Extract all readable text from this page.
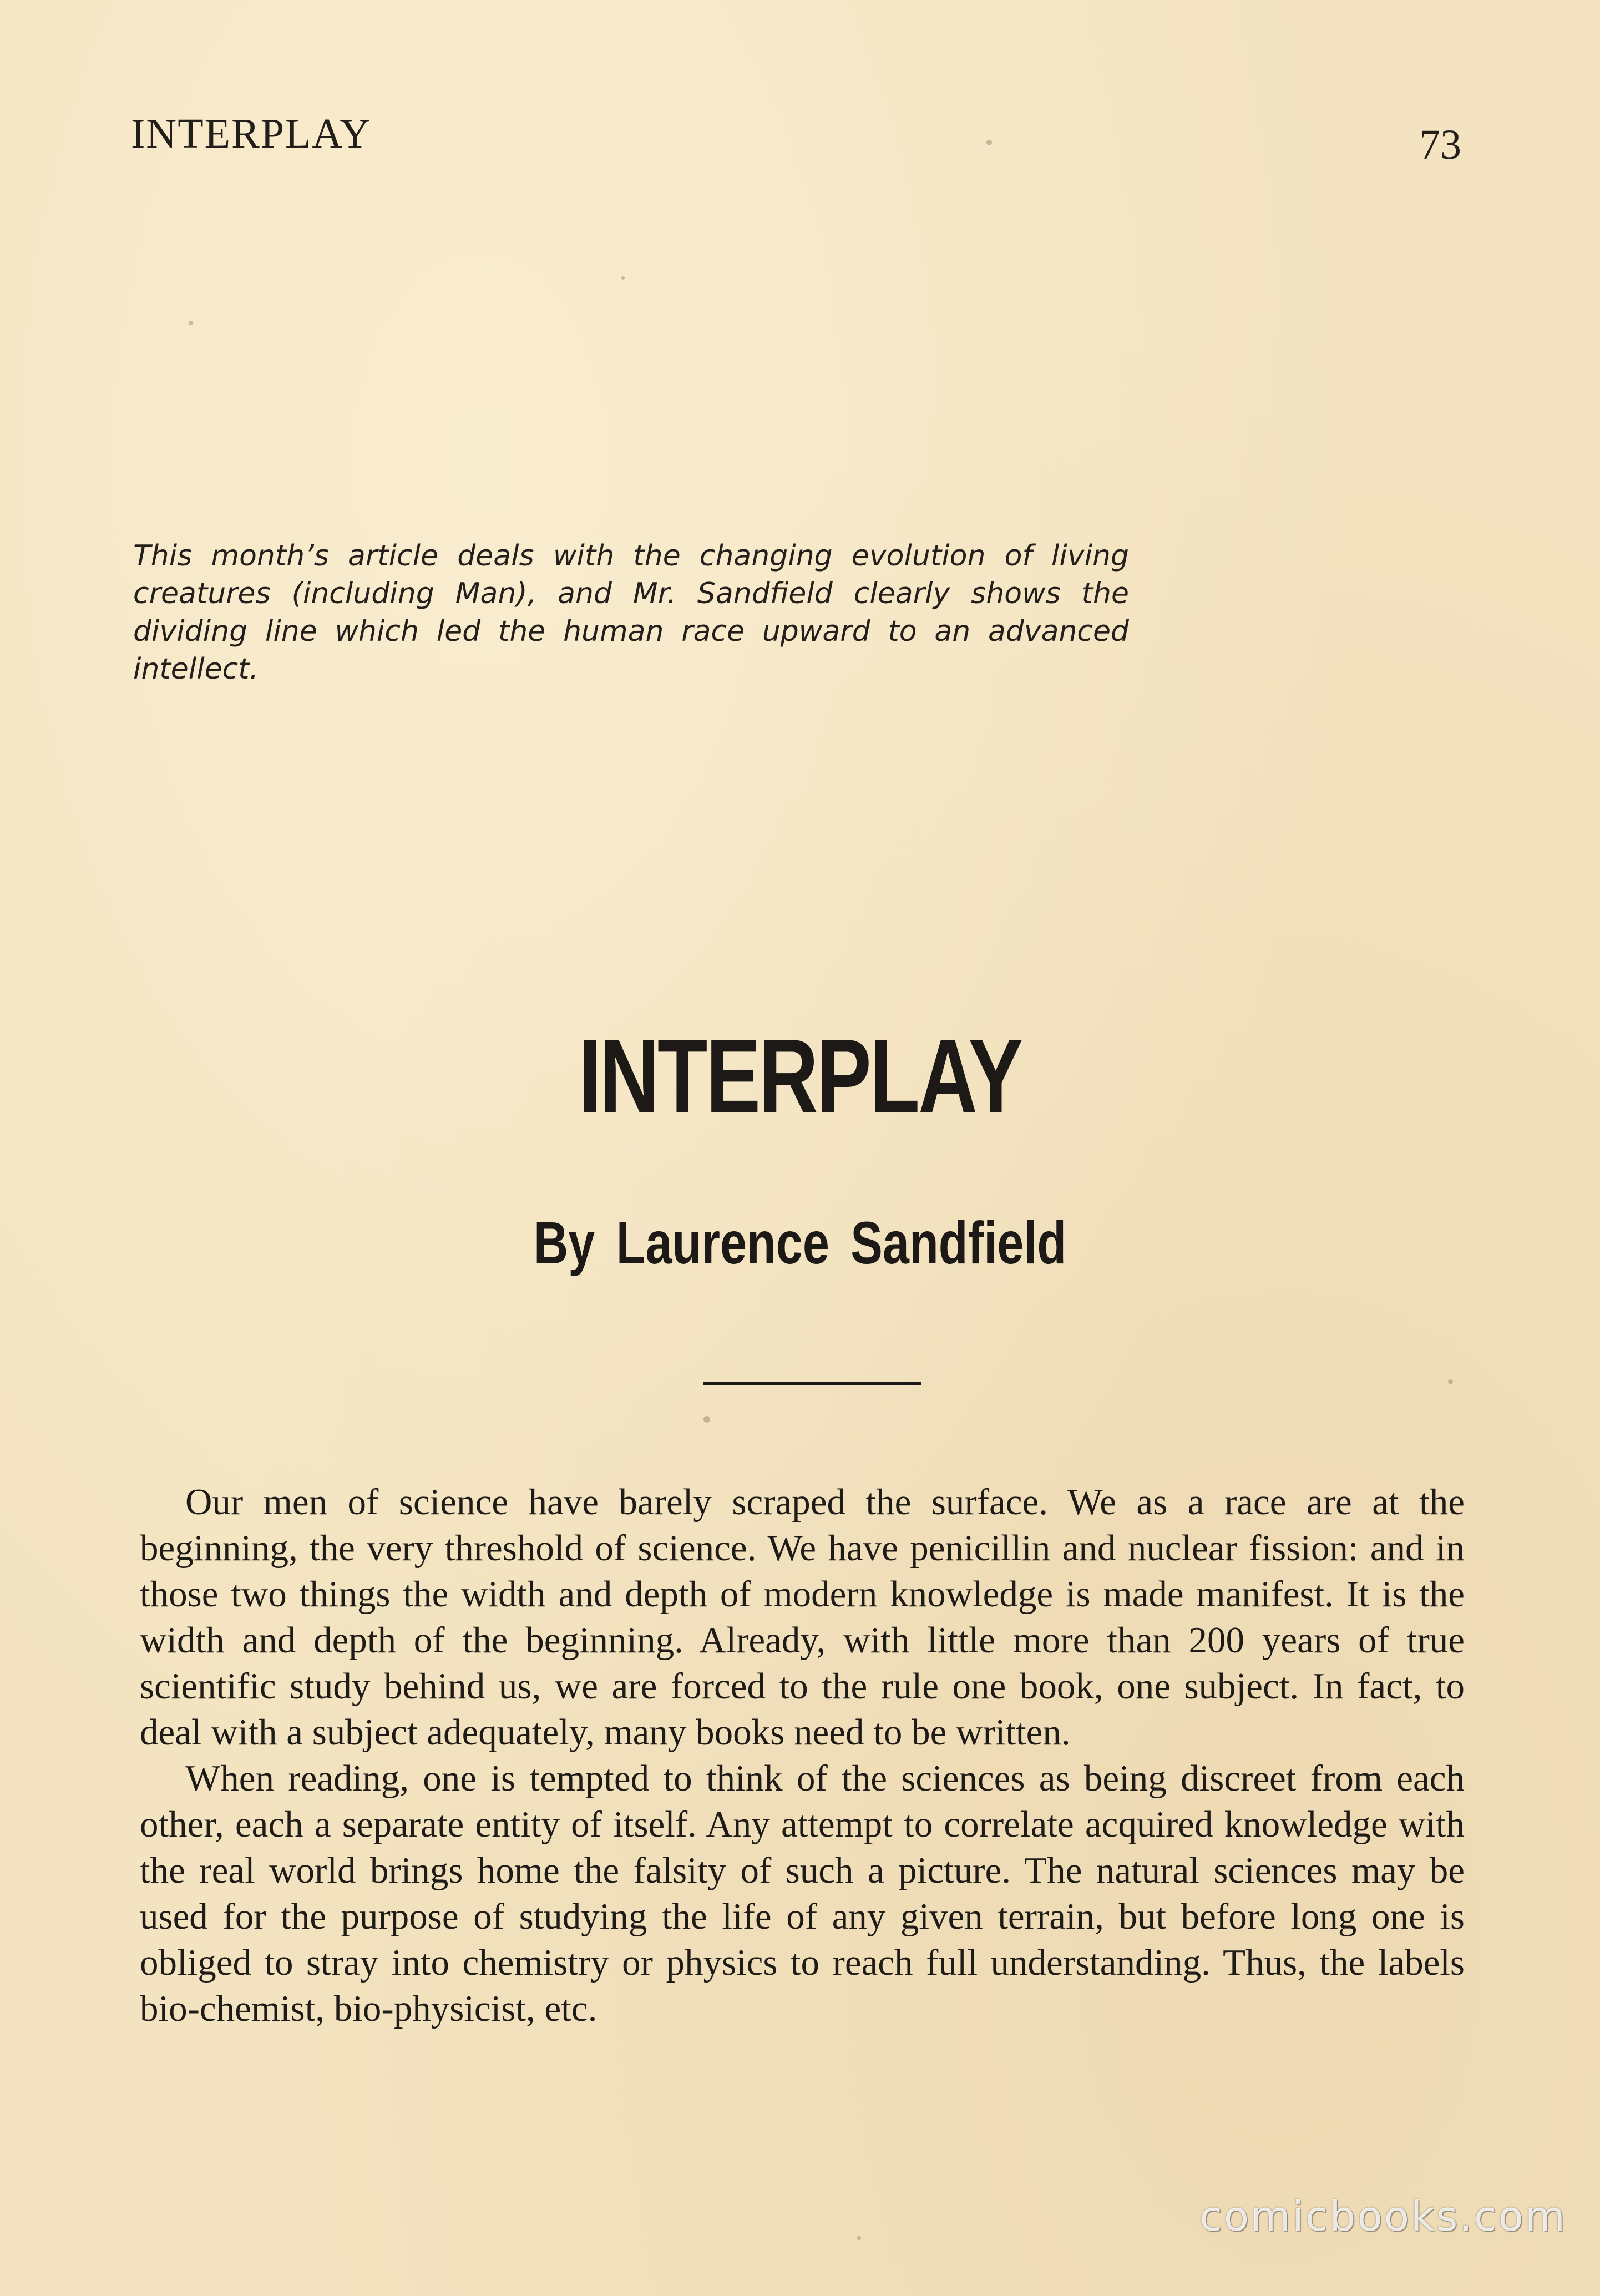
INTERPLAY	73
This month’s article deals with the changing evolution of living creatures (including Man), and Mr. Sandfield clearly shows the dividing line which led the human race upward to an advanced intellect.
INTERPLAY
By Laurence Sandfield

Our men of science have barely scraped the surface. We as a race are at the beginning, the very threshold of science. We have penicillin and nuclear fission: and in those two things the width and depth of modern knowledge is made manifest. It is the width and depth of the beginning. Already, with little more than 200 years of true scientific study behind us, we are forced to the rule one book, one subject. In fact, to deal with a subject adequately, many books need to be written.

When reading, one is tempted to think of the sciences as being discreet from each other, each a separate entity of itself. Any attempt to correlate acquired knowledge with the real world brings home the falsity of such a picture. The natural sciences may be used for the purpose of studying the life of any given terrain, but before long one is obliged to stray into chemistry or physics to reach full understanding. Thus, the labels bio-chemist, bio-physicist, etc.

comicbooks.com
